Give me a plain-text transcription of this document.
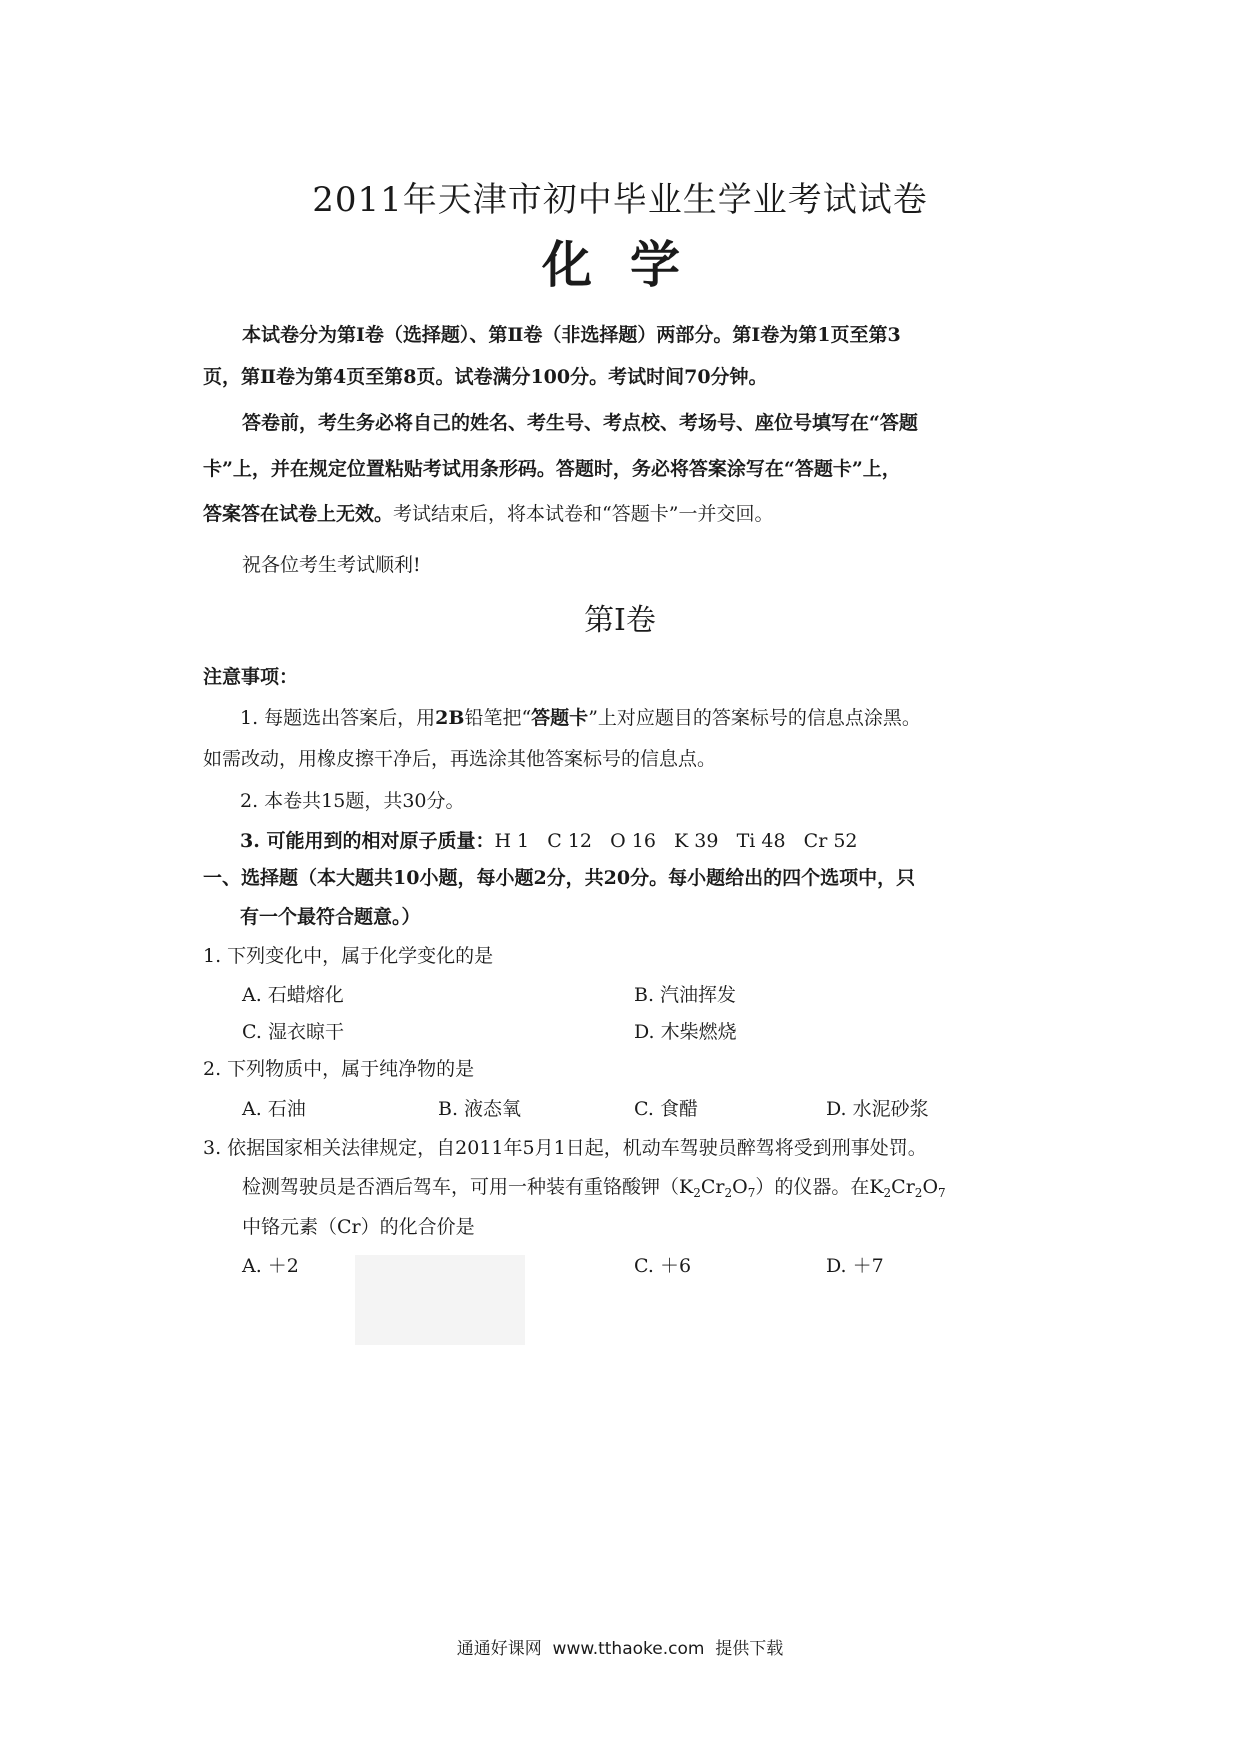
2011年天津市初中毕业生学业考试试卷
化学
本试卷分为第Ⅰ卷（选择题）、第Ⅱ卷（非选择题）两部分。第Ⅰ卷为第1页至第3
页，第Ⅱ卷为第4页至第8页。试卷满分100分。考试时间70分钟。
答卷前，考生务必将自己的姓名、考生号、考点校、考场号、座位号填写在“答题
卡”上，并在规定位置粘贴考试用条形码。答题时，务必将答案涂写在“答题卡”上，
答案答在试卷上无效。考试结束后，将本试卷和“答题卡”一并交回。
祝各位考生考试顺利!
第Ⅰ卷
注意事项：
1. 每题选出答案后，用2B铅笔把“答题卡”上对应题目的答案标号的信息点涂黑。
如需改动，用橡皮擦干净后，再选涂其他答案标号的信息点。
2. 本卷共15题，共30分。
3. 可能用到的相对原子质量：H 1   C 12   O 16   K 39   Ti 48   Cr 52
一、选择题（本大题共10小题，每小题2分，共20分。每小题给出的四个选项中，只
有一个最符合题意。）
1. 下列变化中，属于化学变化的是
A. 石蜡熔化	B. 汽油挥发
C. 湿衣晾干	D. 木柴燃烧
2. 下列物质中，属于纯净物的是
A. 石油	B. 液态氧	C. 食醋	D. 水泥砂浆
3. 依据国家相关法律规定，自2011年5月1日起，机动车驾驶员醉驾将受到刑事处罚。
检测驾驶员是否酒后驾车，可用一种装有重铬酸钾$(K_2Cr_2O_7)$的仪器。在$K_2Cr_2O_7$
中铬元素（Cr）的化合价是
A. ＋2	C. ＋6	D. ＋7
通通好课网  www.tthaoke.com  提供下载
